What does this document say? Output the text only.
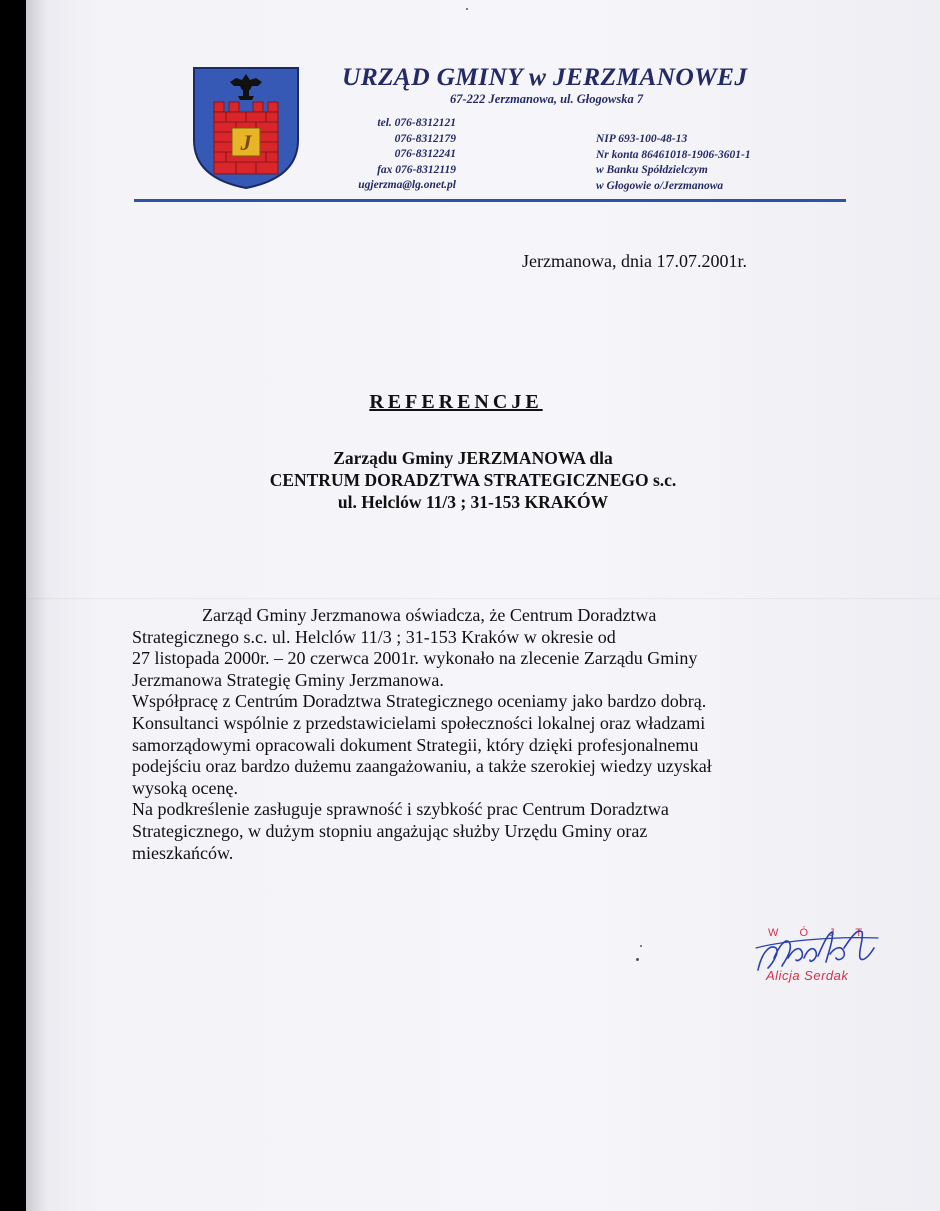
J
URZĄD GMINY w JERZMANOWEJ
67-222 Jerzmanowa, ul. Głogowska 7
tel. 076-8312121
076-8312179
076-8312241
fax 076-8312119
ugjerzma@lg.onet.pl
NIP 693-100-48-13
Nr konta 86461018-1906-3601-1
w Banku Spółdzielczym
w Głogowie o/Jerzmanowa
Jerzmanowa, dnia 17.07.2001r.
REFERENCJE
Zarządu Gminy JERZMANOWA dla
CENTRUM DORADZTWA STRATEGICZNEGO s.c.
ul. Helclów 11/3 ; 31-153 KRAKÓW
Zarząd Gminy Jerzmanowa oświadcza, że Centrum Doradztwa
Strategicznego s.c. ul. Helclów 11/3 ; 31-153 Kraków w okresie od
27 listopada 2000r. – 20 czerwca 2001r. wykonało na zlecenie Zarządu Gminy
Jerzmanowa Strategię Gminy Jerzmanowa.
Współpracę z Centrúm Doradztwa Strategicznego oceniamy jako bardzo dobrą.
Konsultanci wspólnie z przedstawicielami społeczności lokalnej oraz władzami
samorządowymi opracowali dokument Strategii, który dzięki profesjonalnemu
podejściu oraz bardzo dużemu zaangażowaniu, a także szerokiej wiedzy uzyskał
wysoką ocenę.
Na podkreślenie zasługuje sprawność i szybkość prac Centrum Doradztwa
Strategicznego, w dużym stopniu angażując służby Urzędu Gminy oraz
mieszkańców.
W Ó J T
Alicja Serdak
